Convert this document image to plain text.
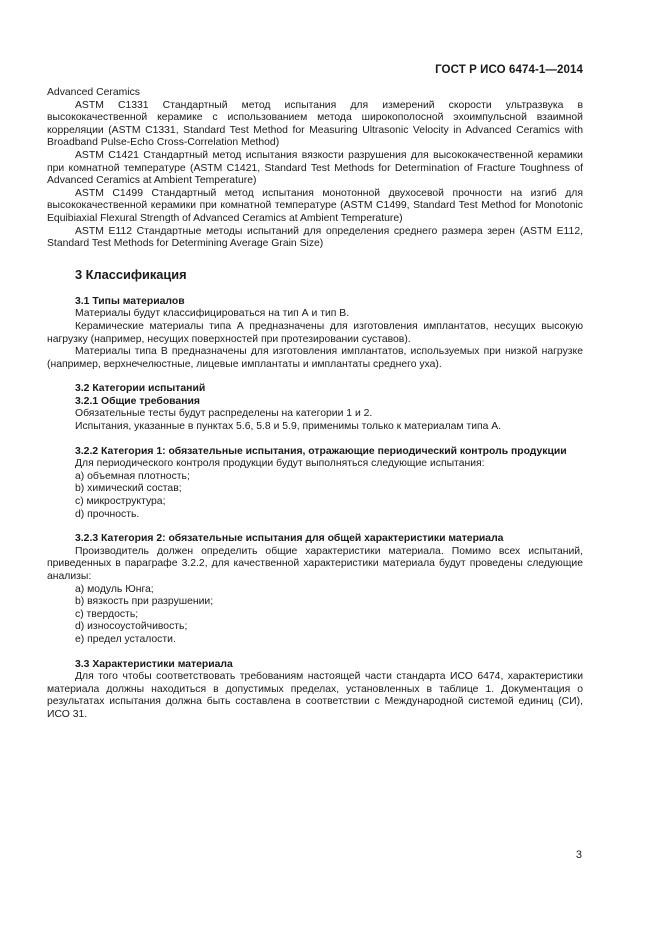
ГОСТ Р ИСО 6474-1—2014

Advanced Ceramics

ASTM C1331 Стандартный метод испытания для измерений скорости ультразвука в высококачественной керамике с использованием метода широкополосной эхоимпульсной взаимной корреляции (ASTM C1331, Standard Test Method for Measuring Ultrasonic Velocity in Advanced Ceramics with Broadband Pulse-Echo Cross-Correlation Method)

ASTM C1421 Стандартный метод испытания вязкости разрушения для высококачественной керамики при комнатной температуре (ASTM C1421, Standard Test Methods for Determination of Fracture Toughness of Advanced Ceramics at Ambient Temperature)

ASTM C1499 Стандартный метод испытания монотонной двухосевой прочности на изгиб для высококачественной керамики при комнатной температуре (ASTM C1499, Standard Test Method for Monotonic Equibiaxial Flexural Strength of Advanced Ceramics at Ambient Temperature)

ASTM E112 Стандартные методы испытаний для определения среднего размера зерен (ASTM E112, Standard Test Methods for Determining Average Grain Size)

3 Классификация

3.1 Типы материалов

Материалы будут классифицироваться на тип А и тип В.

Керамические материалы типа А предназначены для изготовления имплантатов, несущих высокую нагрузку (например, несущих поверхностей при протезировании суставов).

Материалы типа В предназначены для изготовления имплантатов, используемых при низкой нагрузке (например, верхнечелюстные, лицевые имплантаты и имплантаты среднего уха).

3.2 Категории испытаний

3.2.1 Общие требования

Обязательные тесты будут распределены на категории 1 и 2.

Испытания, указанные в пунктах 5.6, 5.8 и 5.9, применимы только к материалам типа А.

3.2.2 Категория 1: обязательные испытания, отражающие периодический контроль продукции

Для периодического контроля продукции будут выполняться следующие испытания:

а) объемная плотность;

b) химический состав;

c) микроструктура;

d) прочность.

3.2.3 Категория 2: обязательные испытания для общей характеристики материала

Производитель должен определить общие характеристики материала. Помимо всех испытаний, приведенных в параграфе 3.2.2, для качественной характеристики материала будут проведены следующие анализы:

а) модуль Юнга;

b) вязкость при разрушении;

c) твердость;

d) износоустойчивость;

e) предел усталости.

3.3 Характеристики материала

Для того чтобы соответствовать требованиям настоящей части стандарта ИСО 6474, характеристики материала должны находиться в допустимых пределах, установленных в таблице 1. Документация о результатах испытания должна быть составлена в соответствии с Международной системой единиц (СИ), ИСО 31.

3
